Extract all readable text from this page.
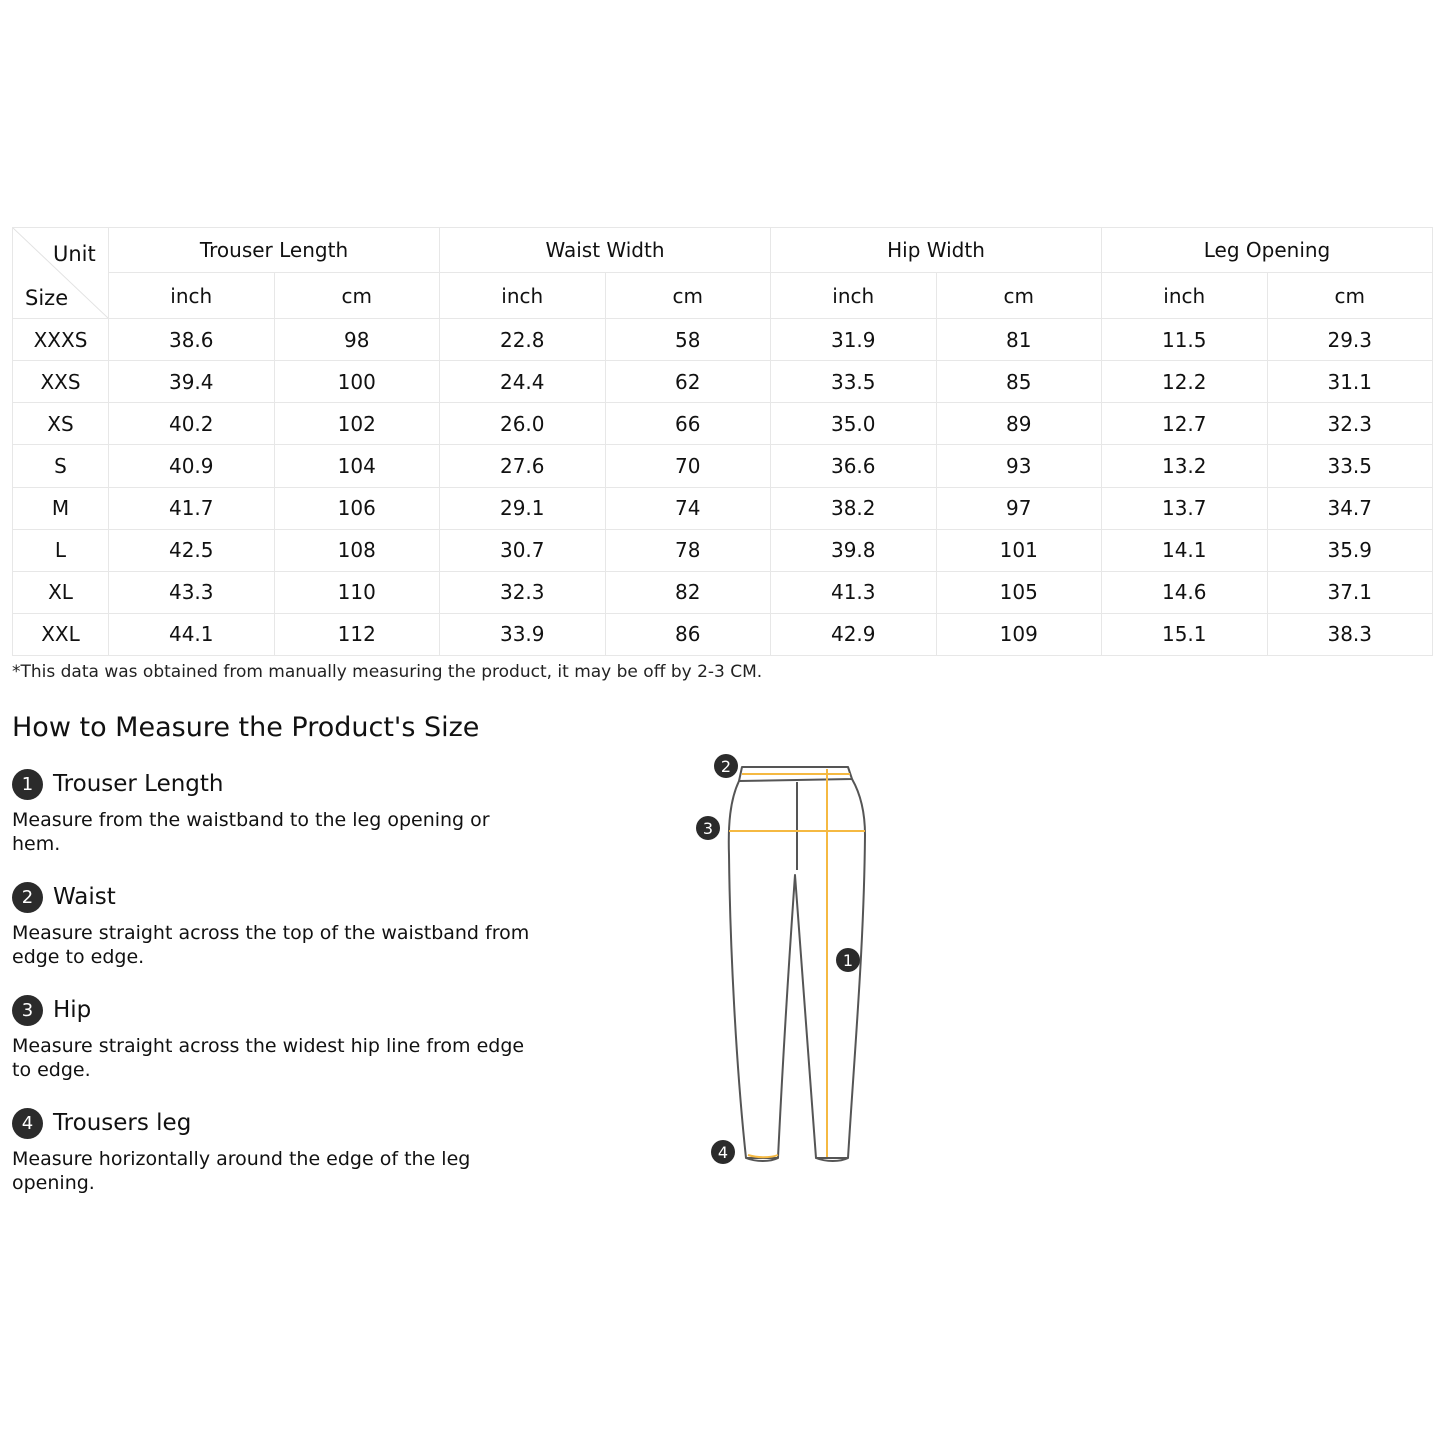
Unit
Size	Trouser Length		Waist Width		Hip Width		Leg Opening	
	inch	cm	inch	cm	inch	cm	inch	cm
XXXS	38.6	98	22.8	58	31.9	81	11.5	29.3
XXS	39.4	100	24.4	62	33.5	85	12.2	31.1
XS	40.2	102	26.0	66	35.0	89	12.7	32.3
S	40.9	104	27.6	70	36.6	93	13.2	33.5
M	41.7	106	29.1	74	38.2	97	13.7	34.7
L	42.5	108	30.7	78	39.8	101	14.1	35.9
XL	43.3	110	32.3	82	41.3	105	14.6	37.1
XXL	44.1	112	33.9	86	42.9	109	15.1	38.3
*This data was obtained from manually measuring the product, it may be off by 2-3 CM.
How to Measure the Product's Size
1 Trouser Length
Measure from the waistband to the leg opening or hem.
2 Waist
Measure straight across the top of the waistband from edge to edge.
3 Hip
Measure straight across the widest hip line from edge to edge.
4 Trousers leg
Measure horizontally around the edge of the leg opening.
1
2
3
4
